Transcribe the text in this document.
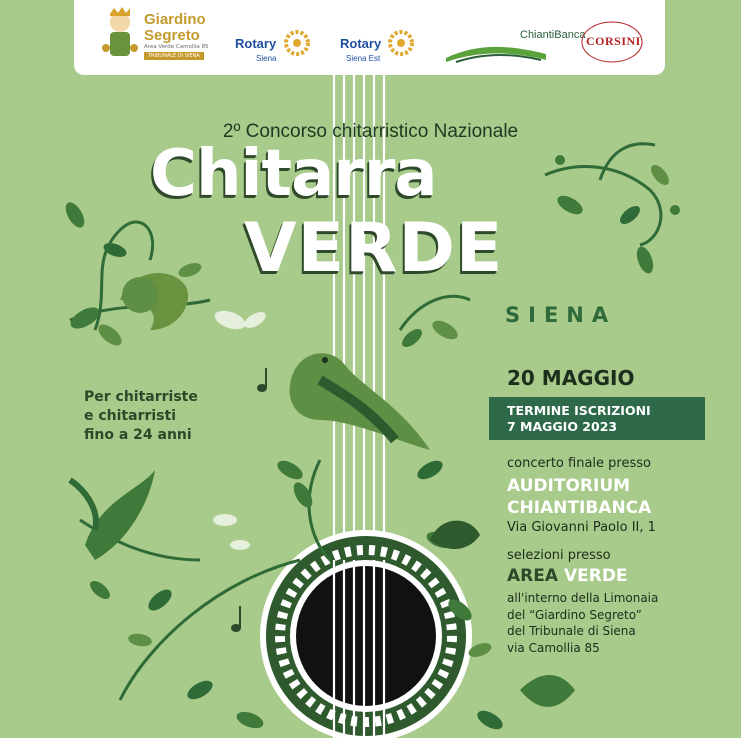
Giardino
Segreto
Area Verde Camollia 85
TRIBUNALE DI SIENA
Rotary
Siena
Rotary
Siena Est
ChiantiBanca CORSINI
2º Concorso chitarristico Nazionale
Chitarra
VERDE
SIENA
Per chitarriste
e chitarristi
fino a 24 anni
20 MAGGIO
TERMINE ISCRIZIONI
7 MAGGIO 2023
concerto finale presso
AUDITORIUM
CHIANTIBANCA
Via Giovanni Paolo II, 1
selezioni presso
AREA VERDE
all'interno della Limonaia
del “Giardino Segreto”
del Tribunale di Siena
via Camollia 85
